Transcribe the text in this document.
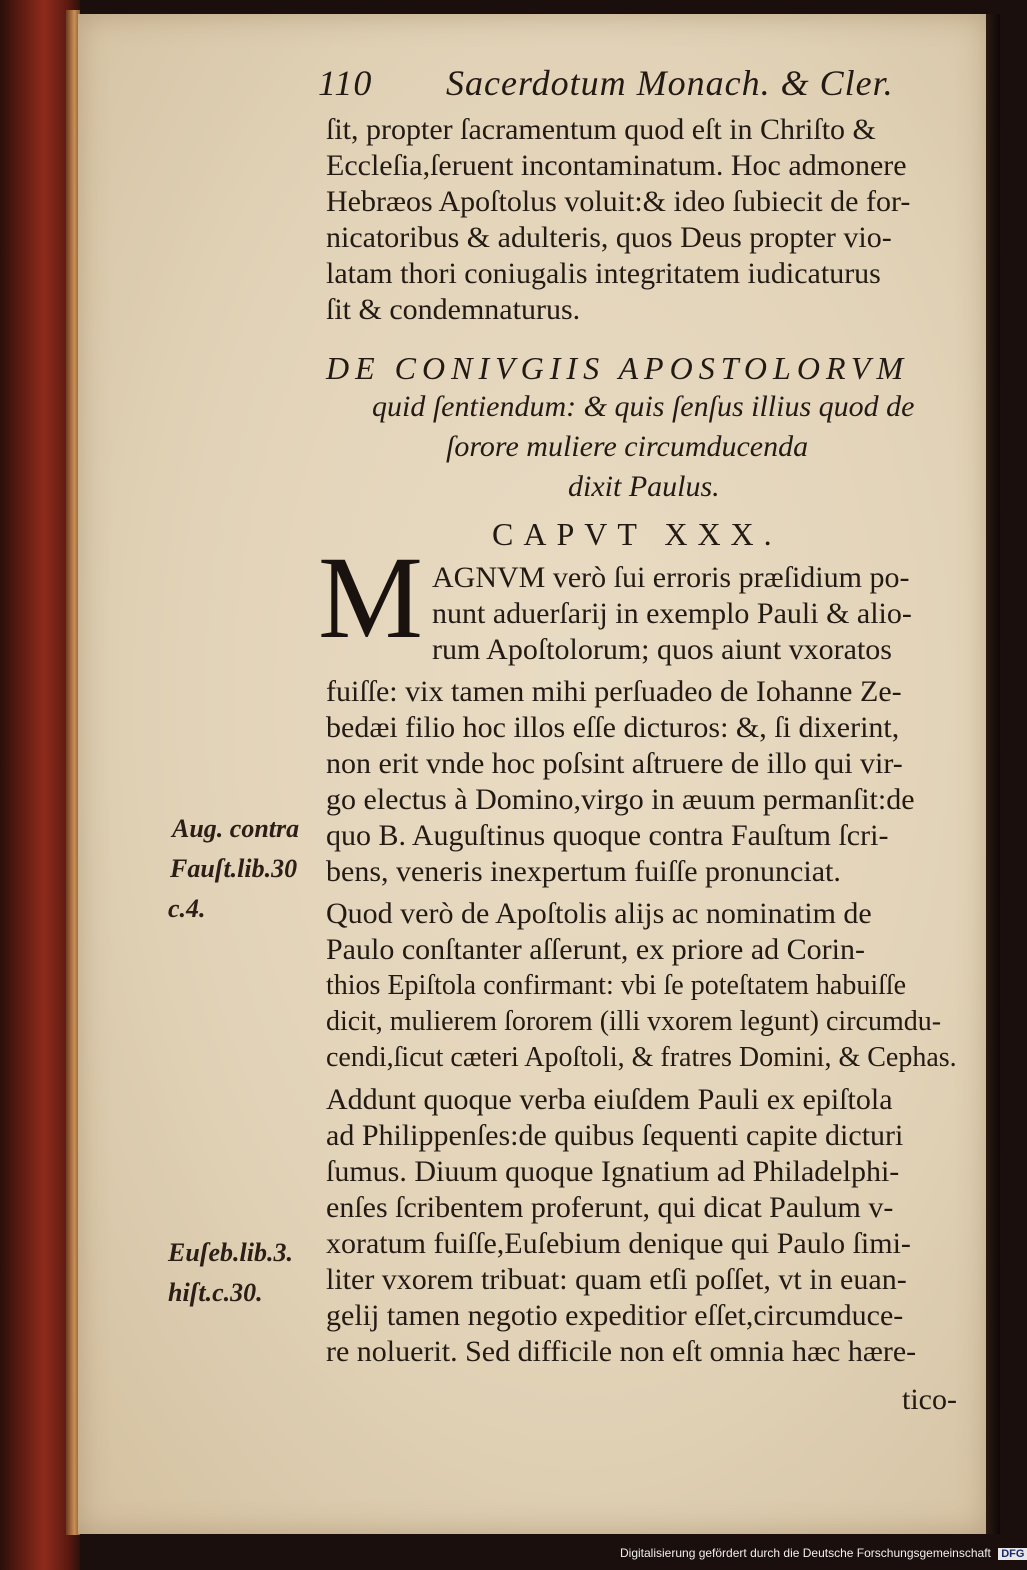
110 Sacerdotum Monach. & Cler.
ſit, propter ſacramentum quod eſt in Chriſto &
Eccleſia,ſeruent incontaminatum. Hoc admonere
Hebræos Apoſtolus voluit:& ideo ſubiecit de for-
nicatoribus & adulteris, quos Deus propter vio-
latam thori coniugalis integritatem iudicaturus
ſit & condemnaturus.
DE CONIVGIIS APOSTOLORVM
quid ſentiendum: & quis ſenſus illius quod de
ſorore muliere circumducenda
dixit Paulus.
CAPVT XXX.
M AGNVM verò ſui erroris præſidium po-
nunt aduerſarij in exemplo Pauli & alio-
rum Apoſtolorum; quos aiunt vxoratos
fuiſſe: vix tamen mihi perſuadeo de Iohanne Ze-
bedæi filio hoc illos eſſe dicturos: &, ſi dixerint,
non erit vnde hoc poſsint aſtruere de illo qui vir-
go electus à Domino,virgo in æuum permanſit:de
quo B. Auguſtinus quoque contra Fauſtum ſcri-
bens, veneris inexpertum fuiſſe pronunciat.
Quod verò de Apoſtolis alijs ac nominatim de
Paulo conſtanter aſſerunt, ex priore ad Corin-
thios Epiſtola confirmant: vbi ſe poteſtatem habuiſſe
dicit, mulierem ſororem (illi vxorem legunt) circumdu-
cendi,ſicut cæteri Apoſtoli, & fratres Domini, & Cephas.
Addunt quoque verba eiuſdem Pauli ex epiſtola
ad Philippenſes:de quibus ſequenti capite dicturi
ſumus. Diuum quoque Ignatium ad Philadelphi-
enſes ſcribentem proferunt, qui dicat Paulum v-
xoratum fuiſſe,Euſebium denique qui Paulo ſimi-
liter vxorem tribuat: quam etſi poſſet, vt in euan-
gelij tamen negotio expeditior eſſet,circumduce-
re noluerit. Sed difficile non eſt omnia hæc hære-
tico-
Aug. contra
Fauſt.lib.30
c.4.
Euſeb.lib.3.
hiſt.c.30.
Digitalisierung gefördert durch die Deutsche Forschungsgemeinschaft DFG
